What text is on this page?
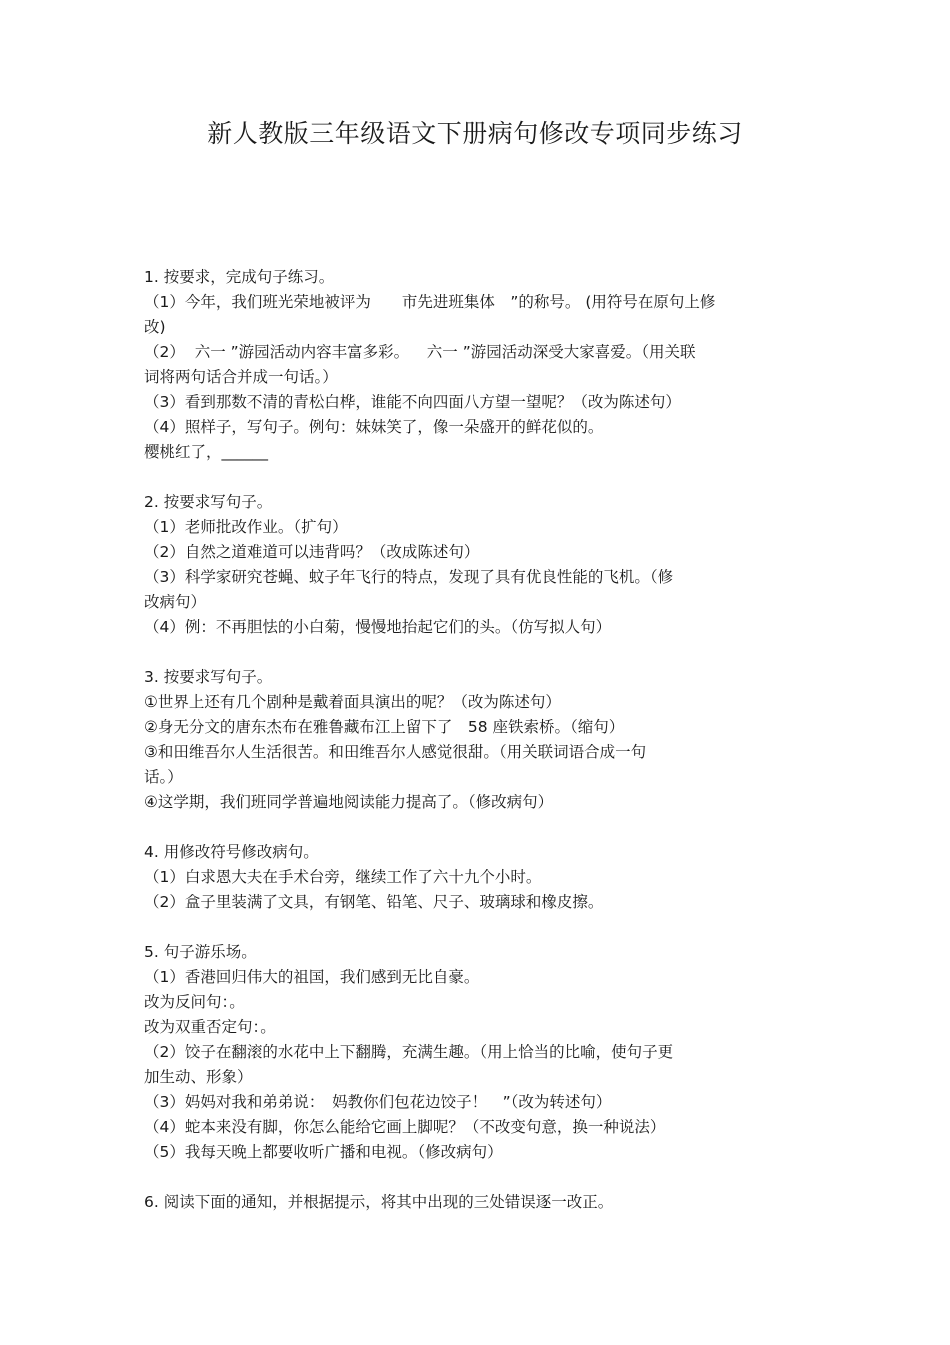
新人教版三年级语文下册病句修改专项同步练习
1. 按要求，完成句子练习。
（1）今年，我们班光荣地被评为　　市先进班集体　”的称号。 (用符号在原句上修
改)
（2）  六一 ”游园活动内容丰富多彩。　  六一 ”游园活动深受大家喜爱。（用关联
词将两句话合并成一句话。）
（3）看到那数不清的青松白桦，谁能不向四面八方望一望呢？（改为陈述句）
（4）照样子，写句子。例句：妹妹笑了，像一朵盛开的鲜花似的。
樱桃红了，______
2. 按要求写句子。
（1）老师批改作业。（扩句）
（2）自然之道难道可以违背吗？（改成陈述句）
（3）科学家研究苍蝇、蚊子年飞行的特点，发现了具有优良性能的飞机。（修
改病句）
（4）例：不再胆怯的小白菊，慢慢地抬起它们的头。（仿写拟人句）
3. 按要求写句子。
①世界上还有几个剧种是戴着面具演出的呢？（改为陈述句）
②身无分文的唐东杰布在雅鲁藏布江上留下了　58 座铁索桥。（缩句）
③和田维吾尔人生活很苦。和田维吾尔人感觉很甜。（用关联词语合成一句
话。）
④这学期，我们班同学普遍地阅读能力提高了。（修改病句）
4. 用修改符号修改病句。
（1）白求恩大夫在手术台旁，继续工作了六十九个小时。
（2）盒子里装满了文具，有钢笔、铅笔、尺子、玻璃球和橡皮擦。
5. 句子游乐场。
（1）香港回归伟大的祖国，我们感到无比自豪。
改为反问句：。
改为双重否定句：。
（2）饺子在翻滚的水花中上下翻腾，充满生趣。（用上恰当的比喻，使句子更
加生动、形象）
（3）妈妈对我和弟弟说：　妈教你们包花边饺子！　”（改为转述句）
（4）蛇本来没有脚，你怎么能给它画上脚呢？（不改变句意，换一种说法）
（5）我每天晚上都要收听广播和电视。（修改病句）
6. 阅读下面的通知，并根据提示，将其中出现的三处错误逐一改正。
